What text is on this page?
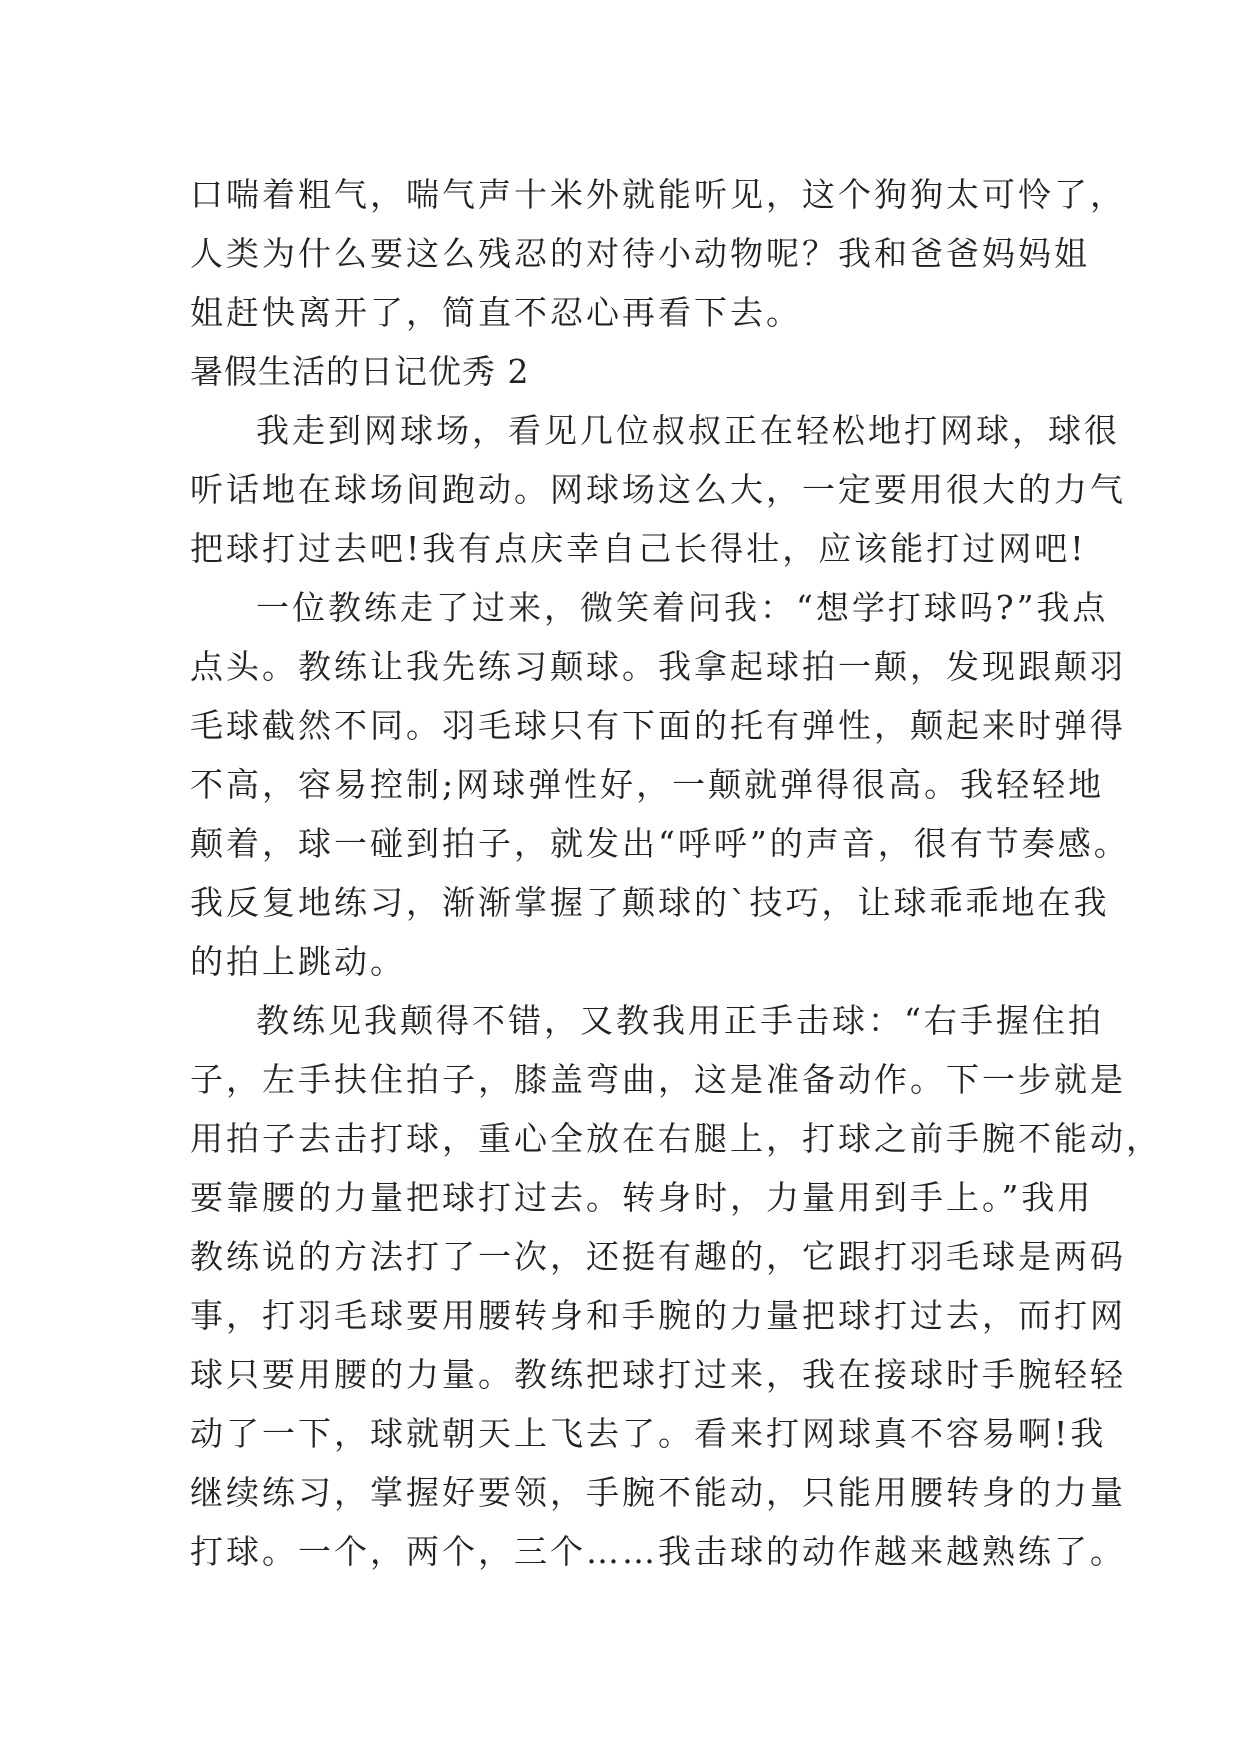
口喘着粗气，喘气声十米外就能听见，这个狗狗太可怜了，
人类为什么要这么残忍的对待小动物呢？我和爸爸妈妈姐
姐赶快离开了，简直不忍心再看下去。
暑假生活的日记优秀 2
我走到网球场，看见几位叔叔正在轻松地打网球，球很
听话地在球场间跑动。网球场这么大，一定要用很大的力气
把球打过去吧!我有点庆幸自己长得壮，应该能打过网吧!
一位教练走了过来，微笑着问我：“想学打球吗?”我点
点头。教练让我先练习颠球。我拿起球拍一颠，发现跟颠羽
毛球截然不同。羽毛球只有下面的托有弹性，颠起来时弹得
不高，容易控制;网球弹性好，一颠就弹得很高。我轻轻地
颠着，球一碰到拍子，就发出“呼呼”的声音，很有节奏感。
我反复地练习，渐渐掌握了颠球的`技巧，让球乖乖地在我
的拍上跳动。
教练见我颠得不错，又教我用正手击球：“右手握住拍
子，左手扶住拍子，膝盖弯曲，这是准备动作。下一步就是
用拍子去击打球，重心全放在右腿上，打球之前手腕不能动，
要靠腰的力量把球打过去。转身时，力量用到手上。”我用
教练说的方法打了一次，还挺有趣的，它跟打羽毛球是两码
事，打羽毛球要用腰转身和手腕的力量把球打过去，而打网
球只要用腰的力量。教练把球打过来，我在接球时手腕轻轻
动了一下，球就朝天上飞去了。看来打网球真不容易啊!我
继续练习，掌握好要领，手腕不能动，只能用腰转身的力量
打球。一个，两个，三个……我击球的动作越来越熟练了。
